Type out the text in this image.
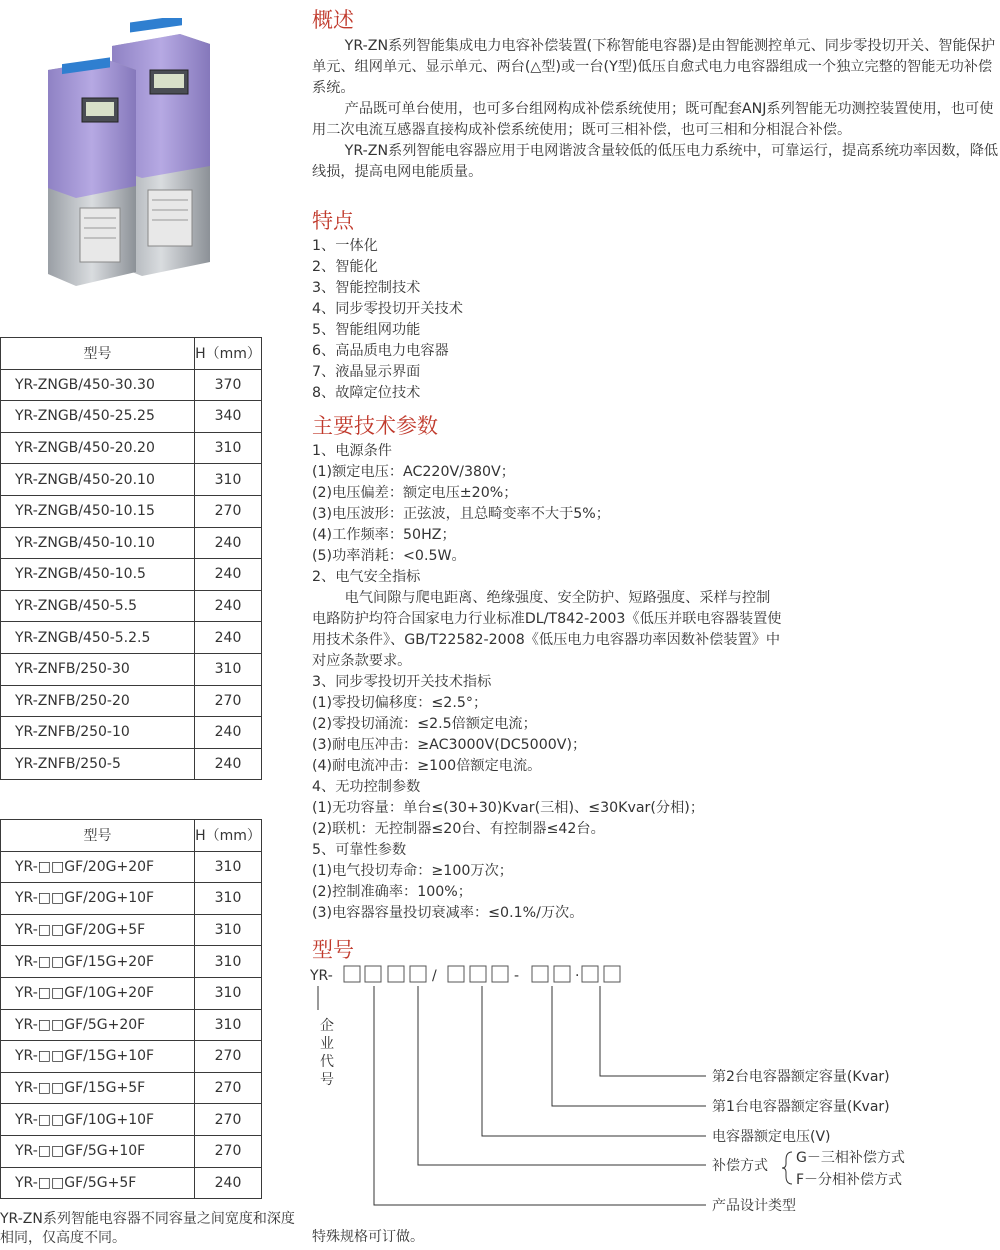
型号	H（mm）
YR-ZNGB/450-30.30	370
YR-ZNGB/450-25.25	340
YR-ZNGB/450-20.20	310
YR-ZNGB/450-20.10	310
YR-ZNGB/450-10.15	270
YR-ZNGB/450-10.10	240
YR-ZNGB/450-10.5	240
YR-ZNGB/450-5.5	240
YR-ZNGB/450-5.2.5	240
YR-ZNFB/250-30	310
YR-ZNFB/250-20	270
YR-ZNFB/250-10	240
YR-ZNFB/250-5	240
型号	H（mm）
YR-□□GF/20G+20F	310
YR-□□GF/20G+10F	310
YR-□□GF/20G+5F	310
YR-□□GF/15G+20F	310
YR-□□GF/10G+20F	310
YR-□□GF/5G+20F	310
YR-□□GF/15G+10F	270
YR-□□GF/15G+5F	270
YR-□□GF/10G+10F	270
YR-□□GF/5G+10F	270
YR-□□GF/5G+5F	240
YR-ZN系列智能电容器不同容量之间宽度和深度相同，仅高度不同。
概述

YR-ZN系列智能集成电力电容补偿装置(下称智能电容器)是由智能测控单元、同步零投切开关、智能保护单元、组网单元、显示单元、两台(△型)或一台(Y型)低压自愈式电力电容器组成一个独立完整的智能无功补偿系统。

产品既可单台使用，也可多台组网构成补偿系统使用；既可配套ANJ系列智能无功测控装置使用，也可使用二次电流互感器直接构成补偿系统使用；既可三相补偿，也可三相和分相混合补偿。

YR-ZN系列智能电容器应用于电网谐波含量较低的低压电力系统中，可靠运行，提高系统功率因数，降低线损，提高电网电能质量。

特点
1、一体化
2、智能化
3、智能控制技术
4、同步零投切开关技术
5、智能组网功能
6、高品质电力电容器
7、液晶显示界面
8、故障定位技术
主要技术参数
1、电源条件
(1)额定电压：AC220V/380V；
(2)电压偏差：额定电压±20%；
(3)电压波形：正弦波，且总畸变率不大于5%；
(4)工作频率：50HZ；
(5)功率消耗：<0.5W。
2、电气安全指标
电气间隙与爬电距离、绝缘强度、安全防护、短路强度、采样与控制
电路防护均符合国家电力行业标准DL/T842-2003《低压并联电容器装置使
用技术条件》、GB/T22582-2008《低压电力电容器功率因数补偿装置》中
对应条款要求。
3、同步零投切开关技术指标
(1)零投切偏移度：≤2.5°；
(2)零投切涌流：≤2.5倍额定电流；
(3)耐电压冲击：≥AC3000V(DC5000V)；
(4)耐电流冲击：≥100倍额定电流。
4、无功控制参数
(1)无功容量：单台≤(30+30)Kvar(三相)、≤30Kvar(分相)；
(2)联机：无控制器≤20台、有控制器≤42台。
5、可靠性参数
(1)电气投切寿命：≥100万次；
(2)控制准确率：100%；
(3)电容器容量投切衰减率：≤0.1%/万次。
型号
YR-	/	-	·
企
业
代
号	第2台电容器额定容量(Kvar)
第1台电容器额定容量(Kvar)
电容器额定电压(V)
补偿方式 G－三相补偿方式
F－分相补偿方式
产品设计类型
特殊规格可订做。
